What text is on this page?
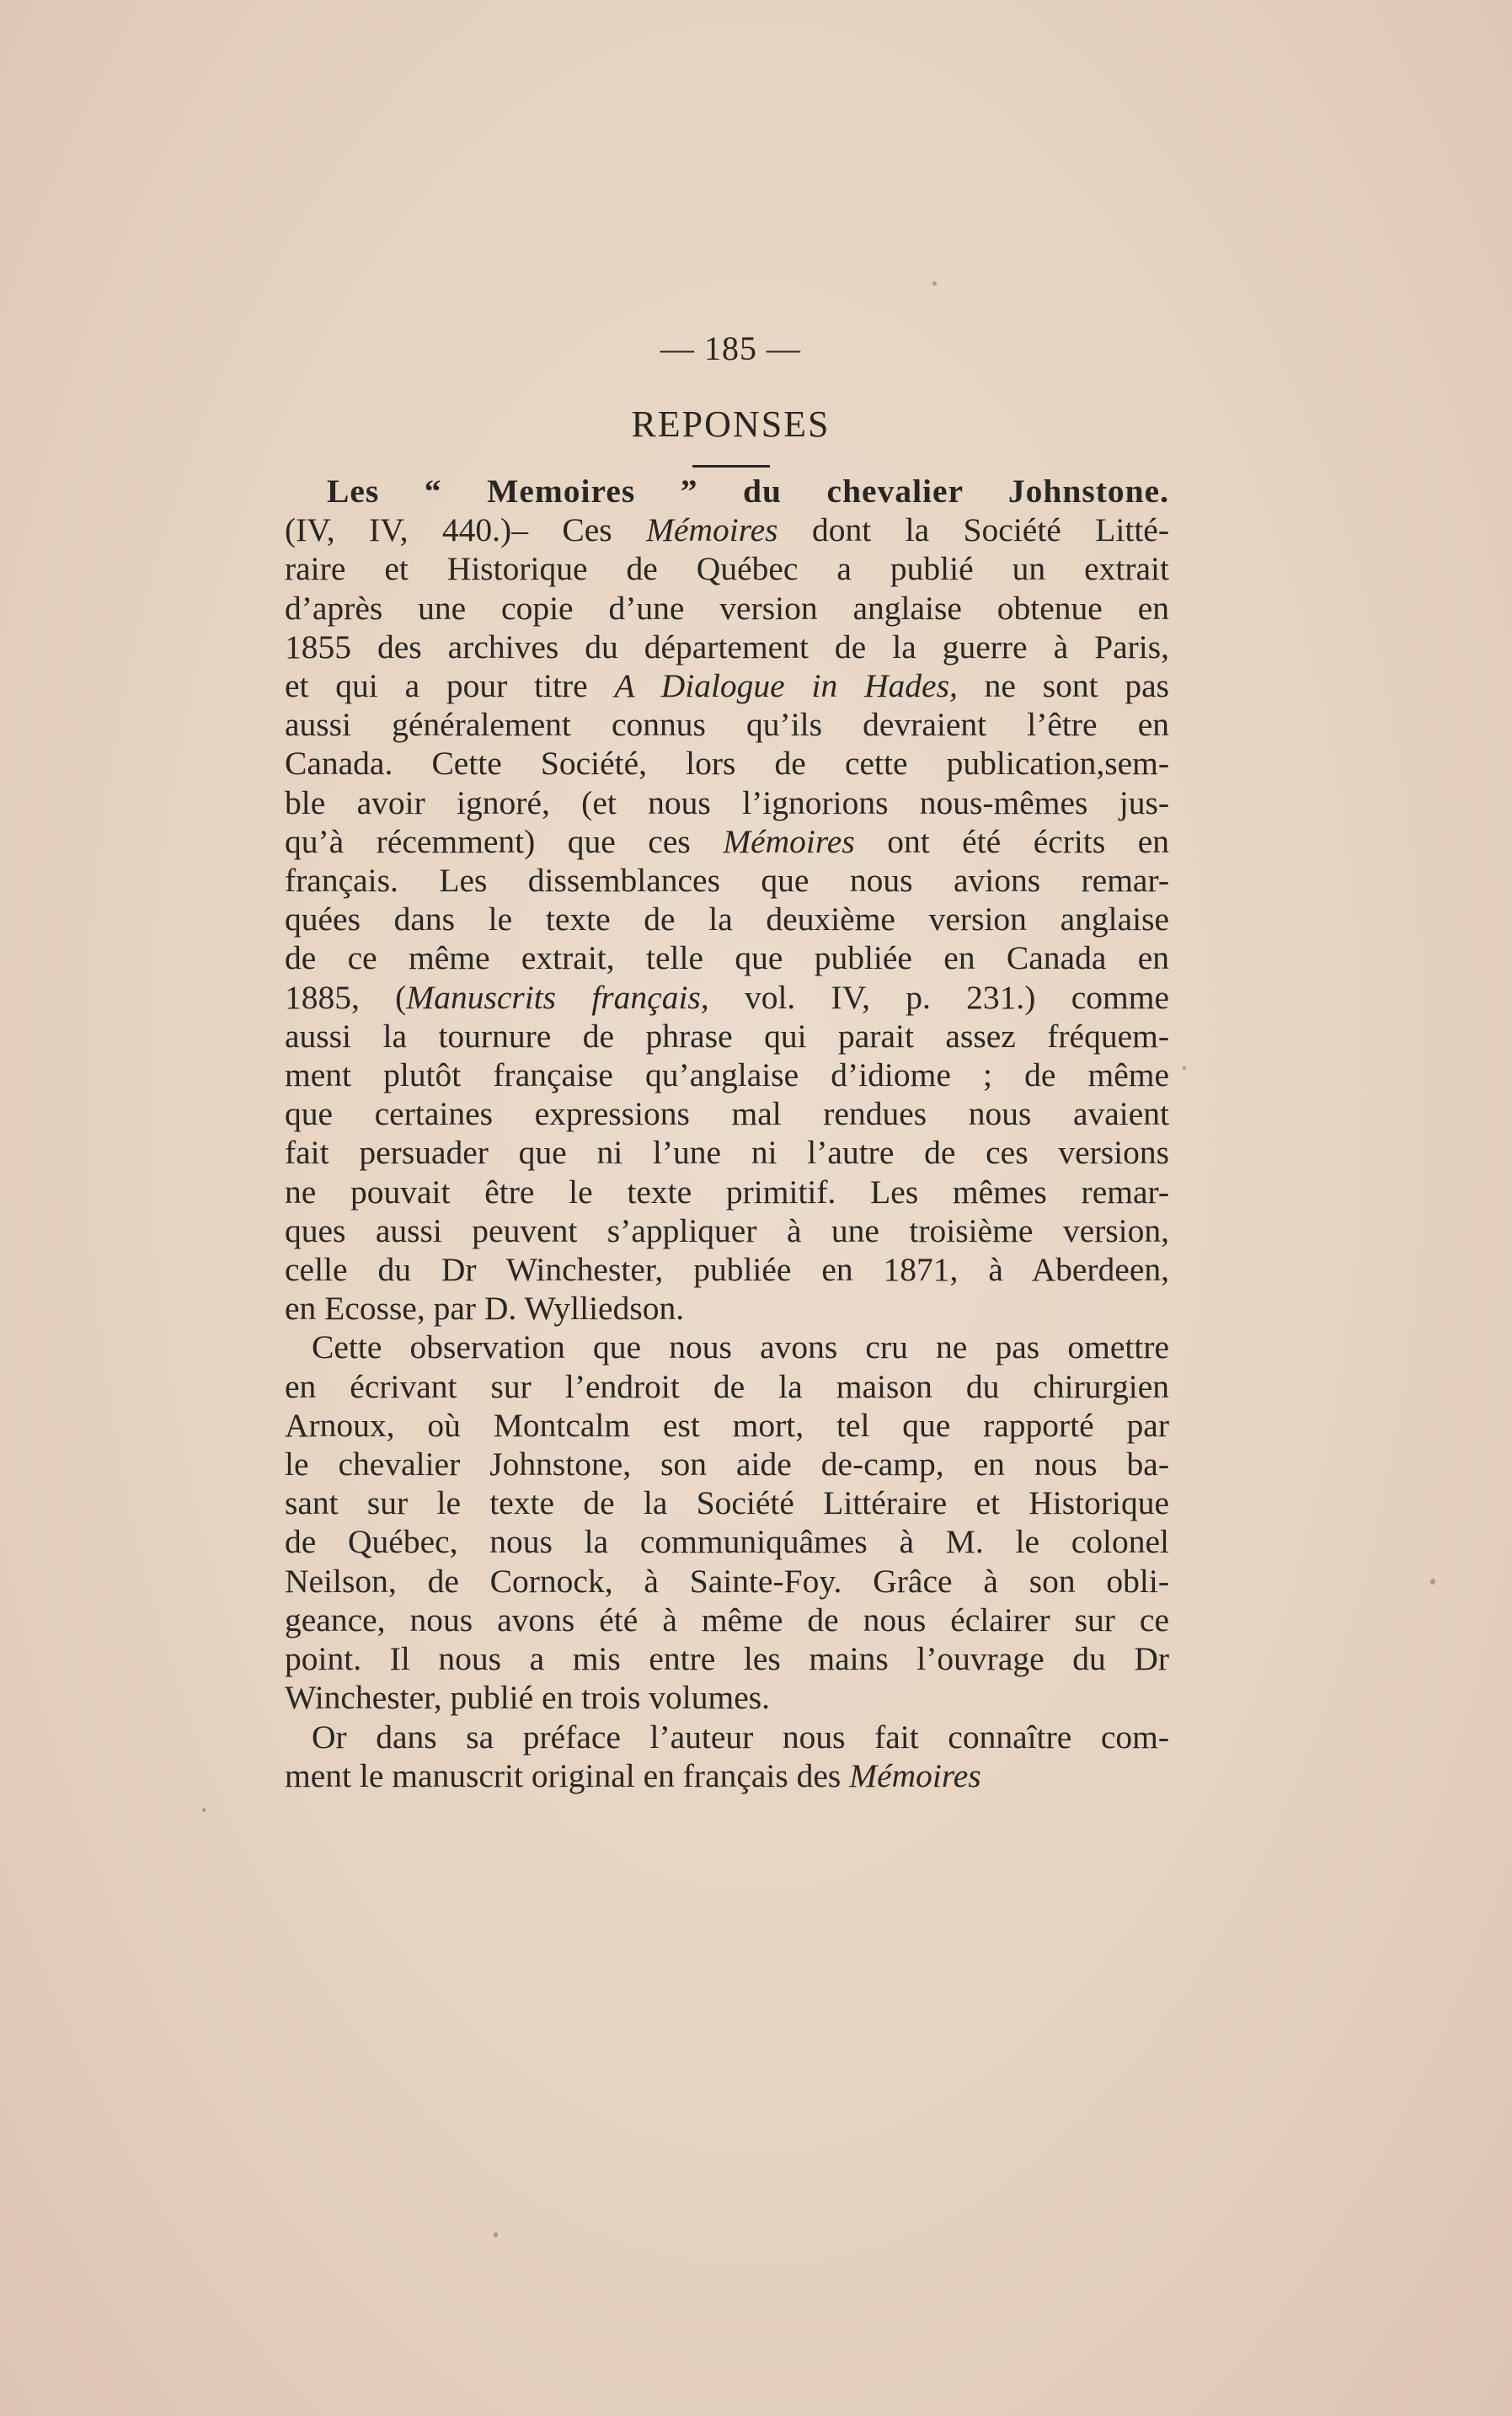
— 185 —
REPONSES
Les “ Memoires ” du chevalier Johnstone.

(IV, IV, 440.)– Ces Mémoires dont la Société Litté-
raire et Historique de Québec a publié un extrait
d’après une copie d’une version anglaise obtenue en
1855 des archives du département de la guerre à Paris,
et qui a pour titre A Dialogue in Hades, ne sont pas
aussi généralement connus qu’ils devraient l’être en
Canada. Cette Société, lors de cette publication,sem-
ble avoir ignoré, (et nous l’ignorions nous-mêmes jus-
qu’à récemment) que ces Mémoires ont été écrits en
français. Les dissemblances que nous avions remar-
quées dans le texte de la deuxième version anglaise
de ce même extrait, telle que publiée en Canada en
1885, (Manuscrits français, vol. IV, p. 231.) comme
aussi la tournure de phrase qui parait assez fréquem-
ment plutôt française qu’anglaise d’idiome ; de même
que certaines expressions mal rendues nous avaient
fait persuader que ni l’une ni l’autre de ces versions
ne pouvait être le texte primitif. Les mêmes remar-
ques aussi peuvent s’appliquer à une troisième version,
celle du Dr Winchester, publiée en 1871, à Aberdeen,
en Ecosse, par D. Wylliedson.

Cette observation que nous avons cru ne pas omettre
en écrivant sur l’endroit de la maison du chirurgien
Arnoux, où Montcalm est mort, tel que rapporté par
le chevalier Johnstone, son aide de-camp, en nous ba-
sant sur le texte de la Société Littéraire et Historique
de Québec, nous la communiquâmes à M. le colonel
Neilson, de Cornock, à Sainte-Foy. Grâce à son obli-
geance, nous avons été à même de nous éclairer sur ce
point. Il nous a mis entre les mains l’ouvrage du Dr
Winchester, publié en trois volumes.

Or dans sa préface l’auteur nous fait connaître com-
ment le manuscrit original en français des Mémoires
